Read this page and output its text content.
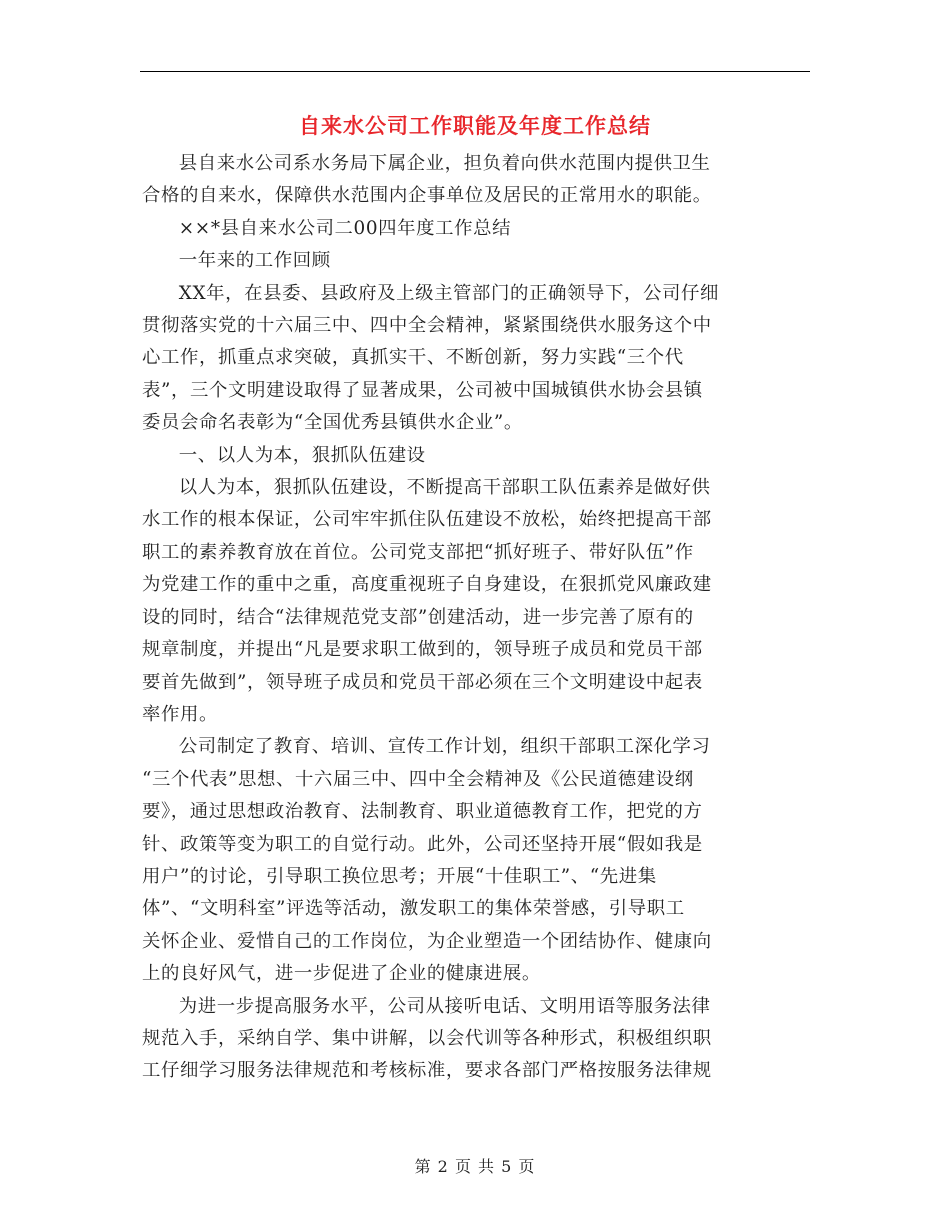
自来水公司工作职能及年度工作总结

县自来水公司系水务局下属企业，担负着向供水范围内提供卫生
合格的自来水，保障供水范围内企事单位及居民的正常用水的职能。

××*县自来水公司二00四年度工作总结

一年来的工作回顾

XX年，在县委、县政府及上级主管部门的正确领导下，公司仔细
贯彻落实党的十六届三中、四中全会精神，紧紧围绕供水服务这个中
心工作，抓重点求突破，真抓实干、不断创新，努力实践“三个代
表”，三个文明建设取得了显著成果，公司被中国城镇供水协会县镇
委员会命名表彰为“全国优秀县镇供水企业”。

一、以人为本，狠抓队伍建设

以人为本，狠抓队伍建设，不断提高干部职工队伍素养是做好供
水工作的根本保证，公司牢牢抓住队伍建设不放松，始终把提高干部
职工的素养教育放在首位。公司党支部把“抓好班子、带好队伍”作
为党建工作的重中之重，高度重视班子自身建设，在狠抓党风廉政建
设的同时，结合“法律规范党支部”创建活动，进一步完善了原有的
规章制度，并提出“凡是要求职工做到的，领导班子成员和党员干部
要首先做到”，领导班子成员和党员干部必须在三个文明建设中起表
率作用。

公司制定了教育、培训、宣传工作计划，组织干部职工深化学习
“三个代表”思想、十六届三中、四中全会精神及《公民道德建设纲
要》，通过思想政治教育、法制教育、职业道德教育工作，把党的方
针、政策等变为职工的自觉行动。此外，公司还坚持开展“假如我是
用户”的讨论，引导职工换位思考；开展“十佳职工”、“先进集
体”、“文明科室”评选等活动，激发职工的集体荣誉感，引导职工
关怀企业、爱惜自己的工作岗位，为企业塑造一个团结协作、健康向
上的良好风气，进一步促进了企业的健康进展。

为进一步提高服务水平，公司从接听电话、文明用语等服务法律
规范入手，采纳自学、集中讲解，以会代训等各种形式，积极组织职
工仔细学习服务法律规范和考核标准，要求各部门严格按服务法律规

第 2 页 共 5 页
